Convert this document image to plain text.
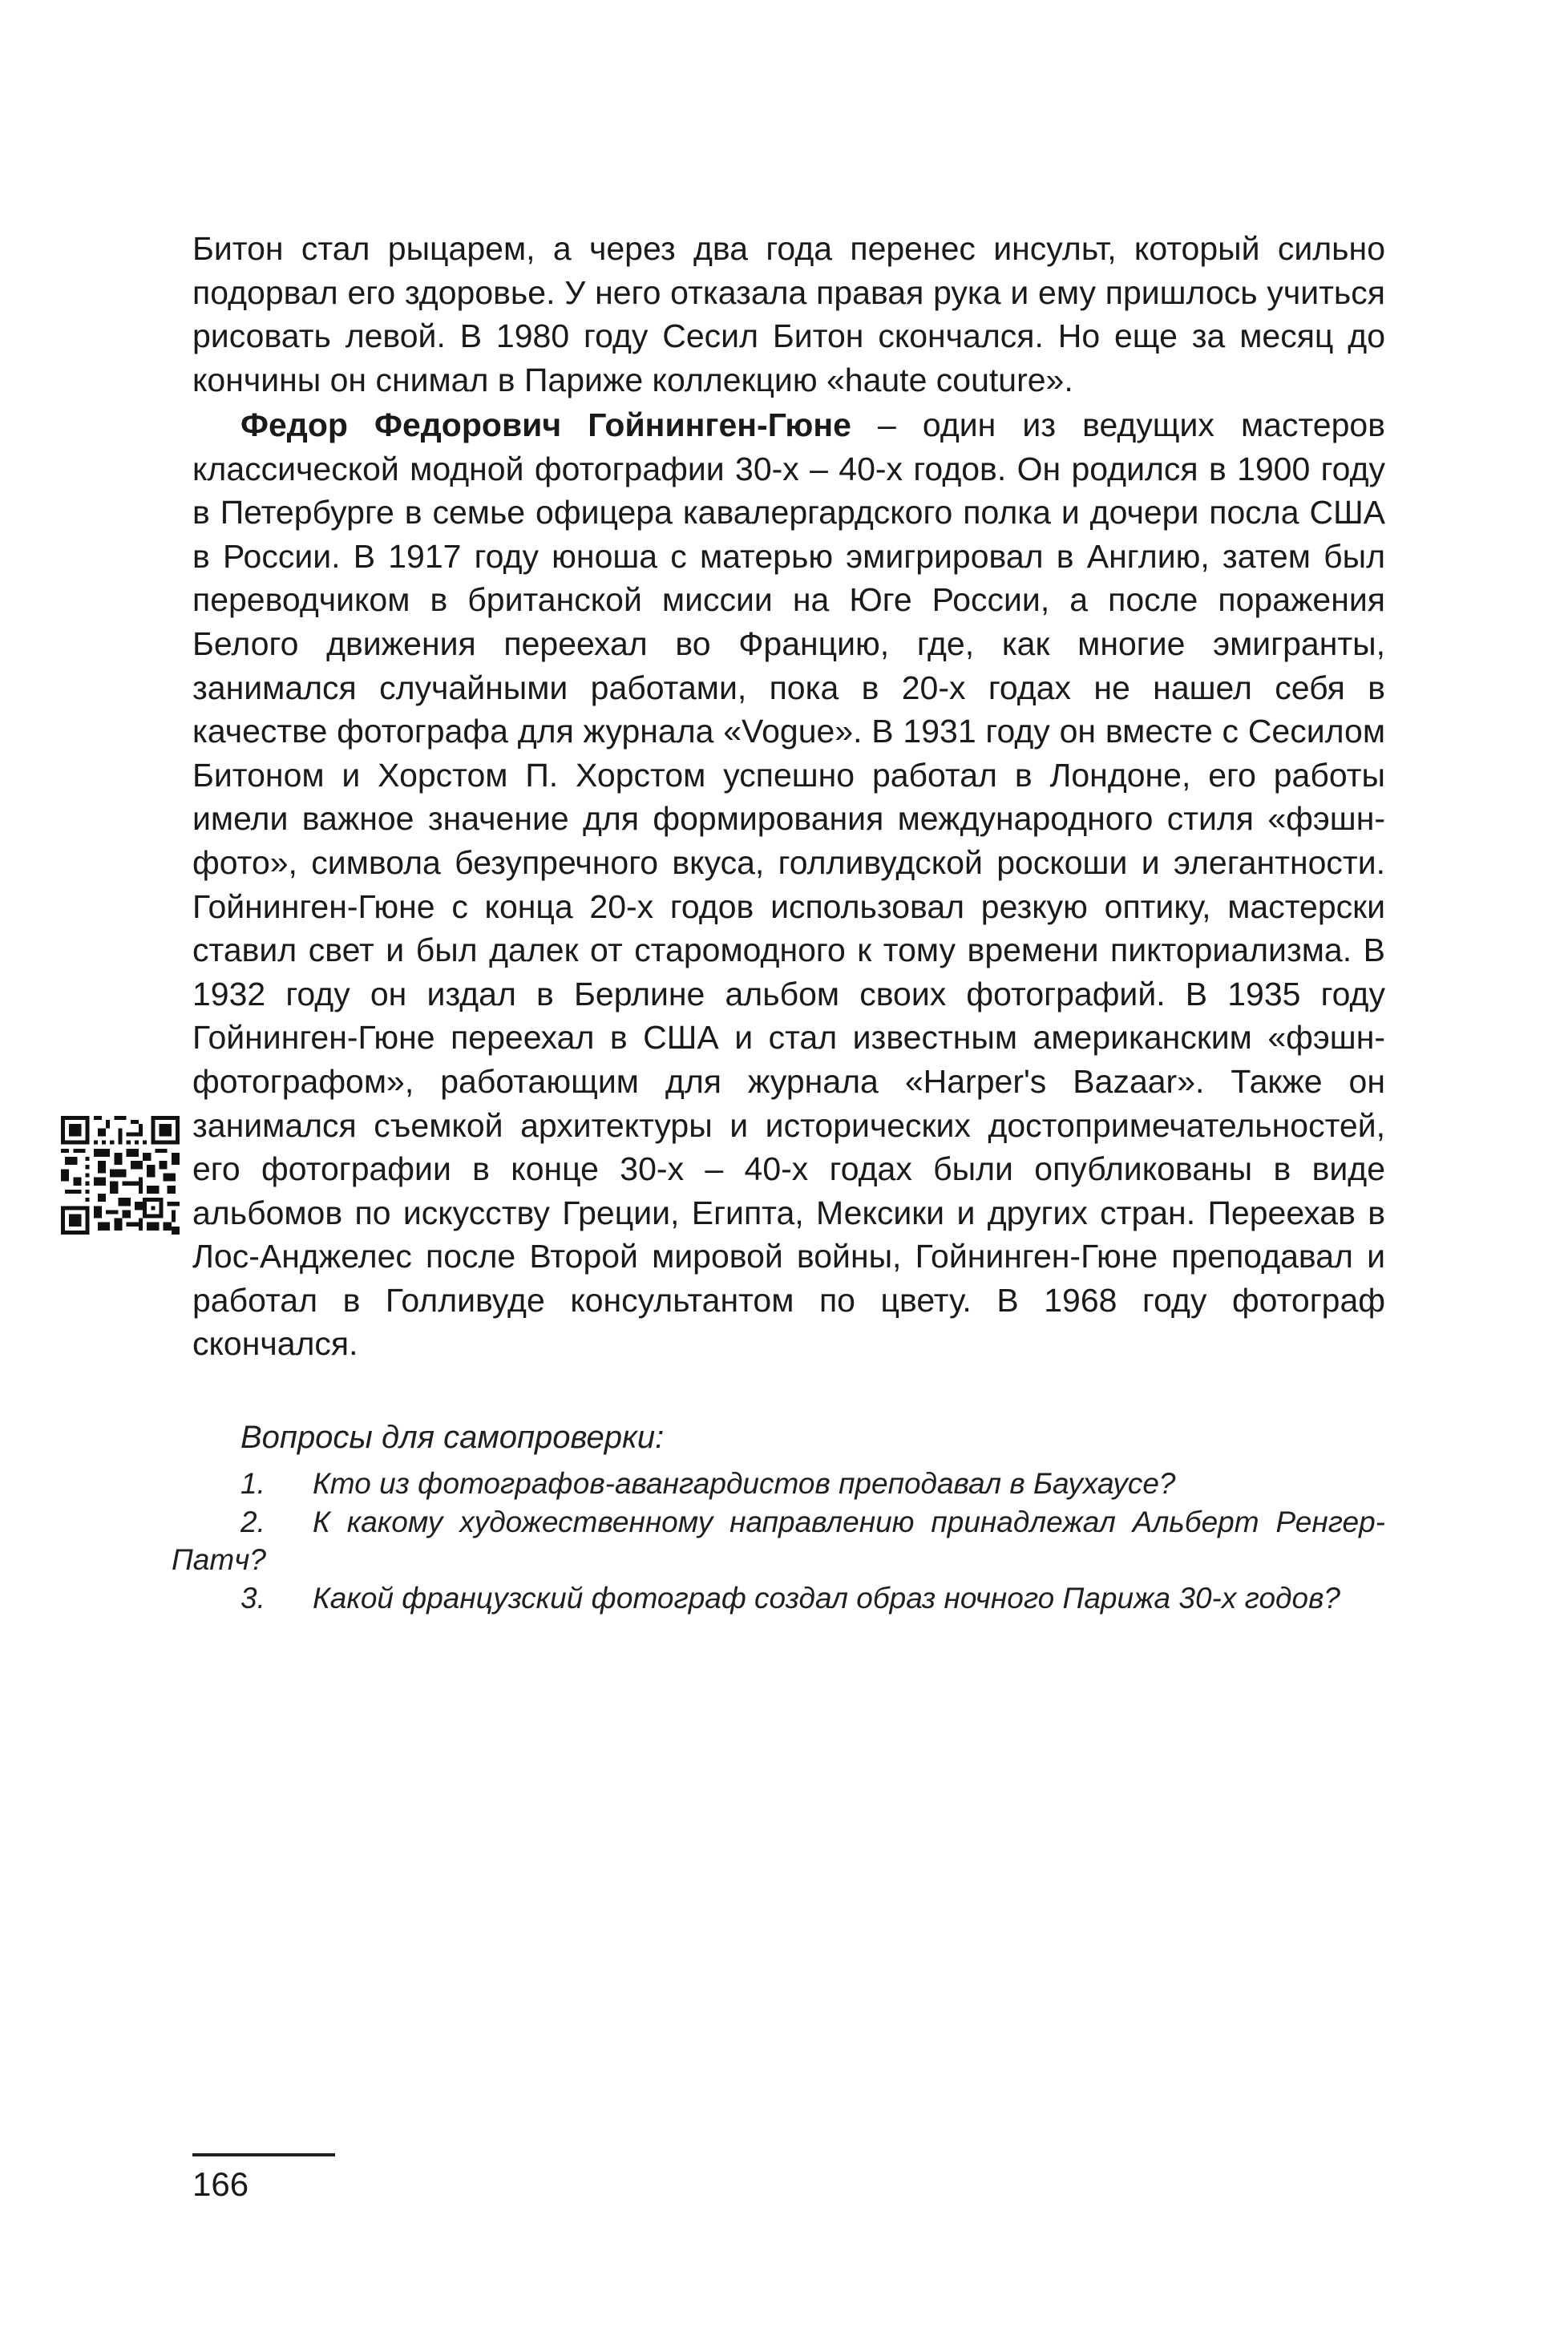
Битон стал рыцарем, а через два года перенес инсульт, который сильно подорвал его здоровье. У него отказала правая рука и ему пришлось учиться рисовать левой. В 1980 году Сесил Битон скончался. Но еще за месяц до кончины он снимал в Париже коллекцию «haute couture».

Федор Федорович Гойнинген-Гюне – один из ведущих мастеров классической модной фотографии 30-х – 40-х годов. Он родился в 1900 году в Петербурге в семье офицера кавалергардского полка и дочери посла США в России. В 1917 году юноша с матерью эмигрировал в Англию, затем был переводчиком в британской миссии на Юге России, а после поражения Белого движения переехал во Францию, где, как многие эмигранты, занимался случайными работами, пока в 20-х годах не нашел себя в качестве фотографа для журнала «Vogue». В 1931 году он вместе с Сесилом Битоном и Хорстом П. Хорстом успешно работал в Лондоне, его работы имели важное значение для формирования международного стиля «фэшн-фото», символа безупречного вкуса, голливудской роскоши и элегантности. Гойнинген-Гюне с конца 20-х годов использовал резкую оптику, мастерски ставил свет и был далек от старомодного к тому времени пикториализма. В 1932 году он издал в Берлине альбом своих фотографий. В 1935 году Гойнинген-Гюне переехал в США и стал известным американским «фэшн-фотографом», работающим для журнала «Harper's Bazaar». Также он занимался съемкой архитектуры и исторических достопримечательностей, его фотографии в конце 30-х – 40-х годах были опубликованы в виде альбомов по искусству Греции, Египта, Мексики и других стран. Переехав в Лос-Анджелес после Второй мировой войны, Гойнинген-Гюне преподавал и работал в Голливуде консультантом по цвету. В 1968 году фотограф скончался.

Вопросы для самопроверки:
1. Кто из фотографов-авангардистов преподавал в Баухаусе?
2. К какому художественному направлению принадлежал Альберт Ренгер-Патч?
3. Какой французский фотограф создал образ ночного Парижа 30-х годов?
166
